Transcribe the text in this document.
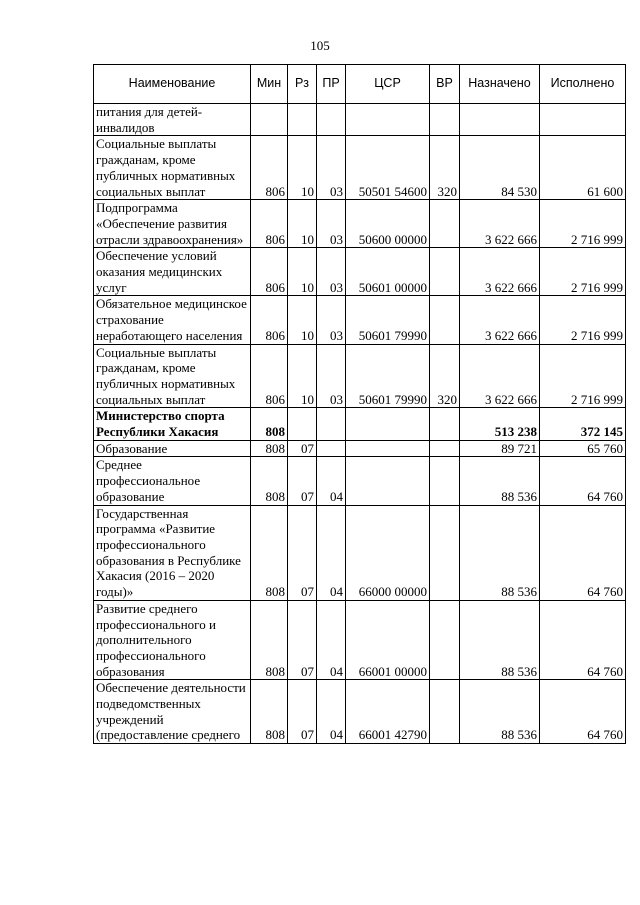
105
Наименование	Мин	Рз	ПР	ЦСР	ВР	Назначено	Исполнено
питания для детей-инвалидов							
Социальные выплаты гражданам, кроме публичных нормативных социальных выплат	806	10	03	50501 54600	320	84 530	61 600
Подпрограмма «Обеспечение развития отрасли здравоохранения»	806	10	03	50600 00000		3 622 666	2 716 999
Обеспечение условий оказания медицинских услуг	806	10	03	50601 00000		3 622 666	2 716 999
Обязательное медицинское страхование неработающего населения	806	10	03	50601 79990		3 622 666	2 716 999
Социальные выплаты гражданам, кроме публичных нормативных социальных выплат	806	10	03	50601 79990	320	3 622 666	2 716 999
Министерство спорта Республики Хакасия	808					513 238	372 145
Образование	808	07				89 721	65 760
Среднее профессиональное образование	808	07	04			88 536	64 760
Государственная программа «Развитие профессионального образования в Республике Хакасия (2016 – 2020 годы)»	808	07	04	66000 00000		88 536	64 760
Развитие среднего профессионального и дополнительного профессионального образования	808	07	04	66001 00000		88 536	64 760
Обеспечение деятельности подведомственных учреждений (предоставление среднего	808	07	04	66001 42790		88 536	64 760
